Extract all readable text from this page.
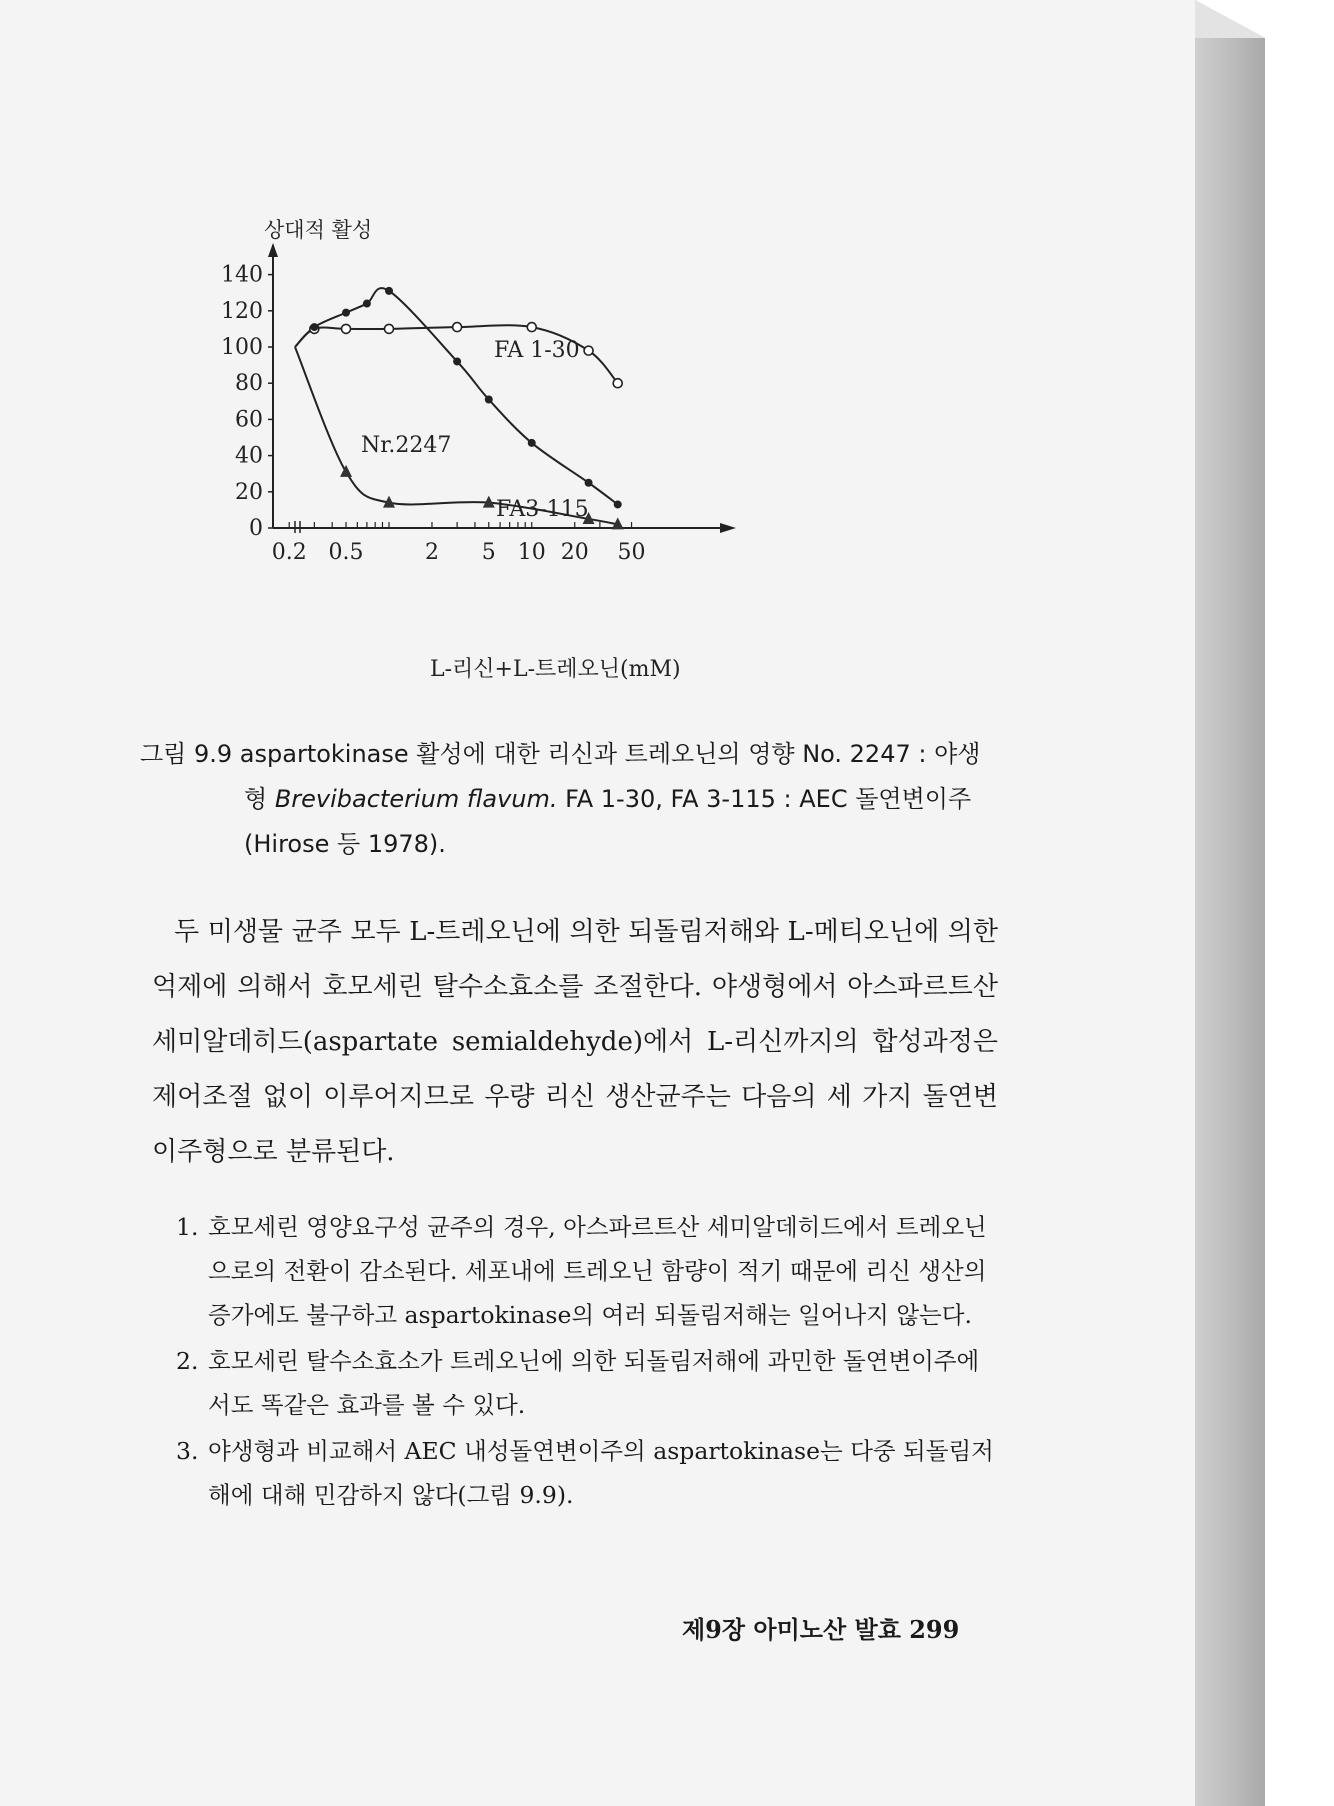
상대적 활성
L-리신+L-트레오닌(mM)
0
20
40
60
80
100
120
140
0.2 0.5	2 5 10 20 50
FA 1-30
FA3-115
Nr.2247
그림 9.9 aspartokinase 활성에 대한 리신과 트레오닌의 영향 No. 2247 : 야생
형 Brevibacterium flavum. FA 1-30, FA 3-115 : AEC 돌연변이주
(Hirose 등 1978).
두 미생물 균주 모두 L-트레오닌에 의한 되돌림저해와 L-메티오닌에 의한 억제에 의해서 호모세린 탈수소효소를 조절한다. 야생형에서 아스파르트산 세미알데히드(aspartate semialdehyde)에서 L-리신까지의 합성과정은 제어조절 없이 이루어지므로 우량 리신 생산균주는 다음의 세 가지 돌연변이주형으로 분류된다.
1. 호모세린 영양요구성 균주의 경우, 아스파르트산 세미알데히드에서 트레오닌으로의 전환이 감소된다. 세포내에 트레오닌 함량이 적기 때문에 리신 생산의 증가에도 불구하고 aspartokinase의 여러 되돌림저해는 일어나지 않는다.
2. 호모세린 탈수소효소가 트레오닌에 의한 되돌림저해에 과민한 돌연변이주에서도 똑같은 효과를 볼 수 있다.
3. 야생형과 비교해서 AEC 내성돌연변이주의 aspartokinase는 다중 되돌림저해에 대해 민감하지 않다(그림 9.9).
제9장 아미노산 발효 299
